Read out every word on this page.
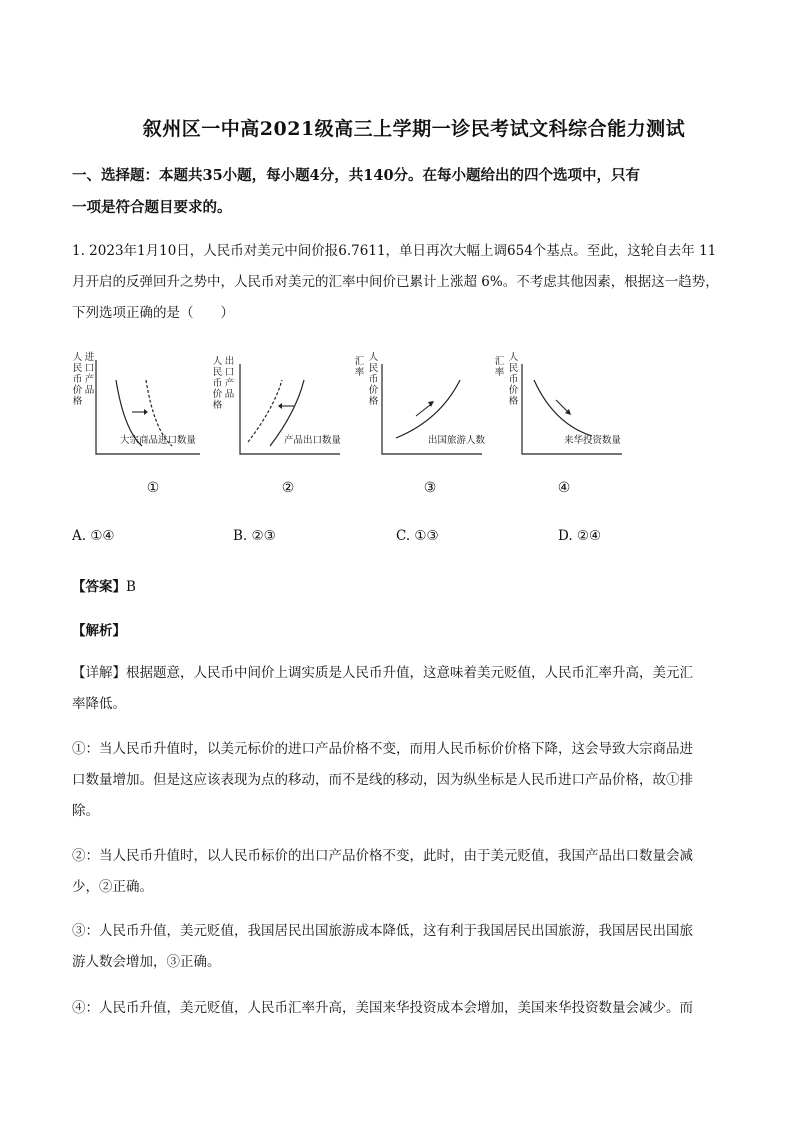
叙州区一中高2021级高三上学期一诊民考试文科综合能力测试
一、选择题：本题共35小题，每小题4分，共140分。在每小题给出的四个选项中，只有
一项是符合题目要求的。
1. 2023年1月10日，人民币对美元中间价报6.7611，单日再次大幅上调654个基点。至此，这轮自去年 11
月开启的反弹回升之势中，人民币对美元的汇率中间价已累计上涨超 6%。不考虑其他因素，根据这一趋势，
下列选项正确的是（　　）
人民币价格
进口产品
大宗商品进口数量
①
人民币价格
出口产品
产品出口数量
②
汇率
人民币价格
出国旅游人数
③
汇率
人民币价格
来华投资数量
④
A. ①④	B. ②③	C. ①③	D. ②④
【答案】B
【解析】
【详解】根据题意，人民币中间价上调实质是人民币升值，这意味着美元贬值，人民币汇率升高，美元汇
率降低。
①：当人民币升值时，以美元标价的进口产品价格不变，而用人民币标价价格下降，这会导致大宗商品进
口数量增加。但是这应该表现为点的移动，而不是线的移动，因为纵坐标是人民币进口产品价格，故①排
除。
②：当人民币升值时，以人民币标价的出口产品价格不变，此时，由于美元贬值，我国产品出口数量会减
少，②正确。
③：人民币升值，美元贬值，我国居民出国旅游成本降低，这有利于我国居民出国旅游，我国居民出国旅
游人数会增加，③正确。
④：人民币升值，美元贬值，人民币汇率升高，美国来华投资成本会增加，美国来华投资数量会减少。而
